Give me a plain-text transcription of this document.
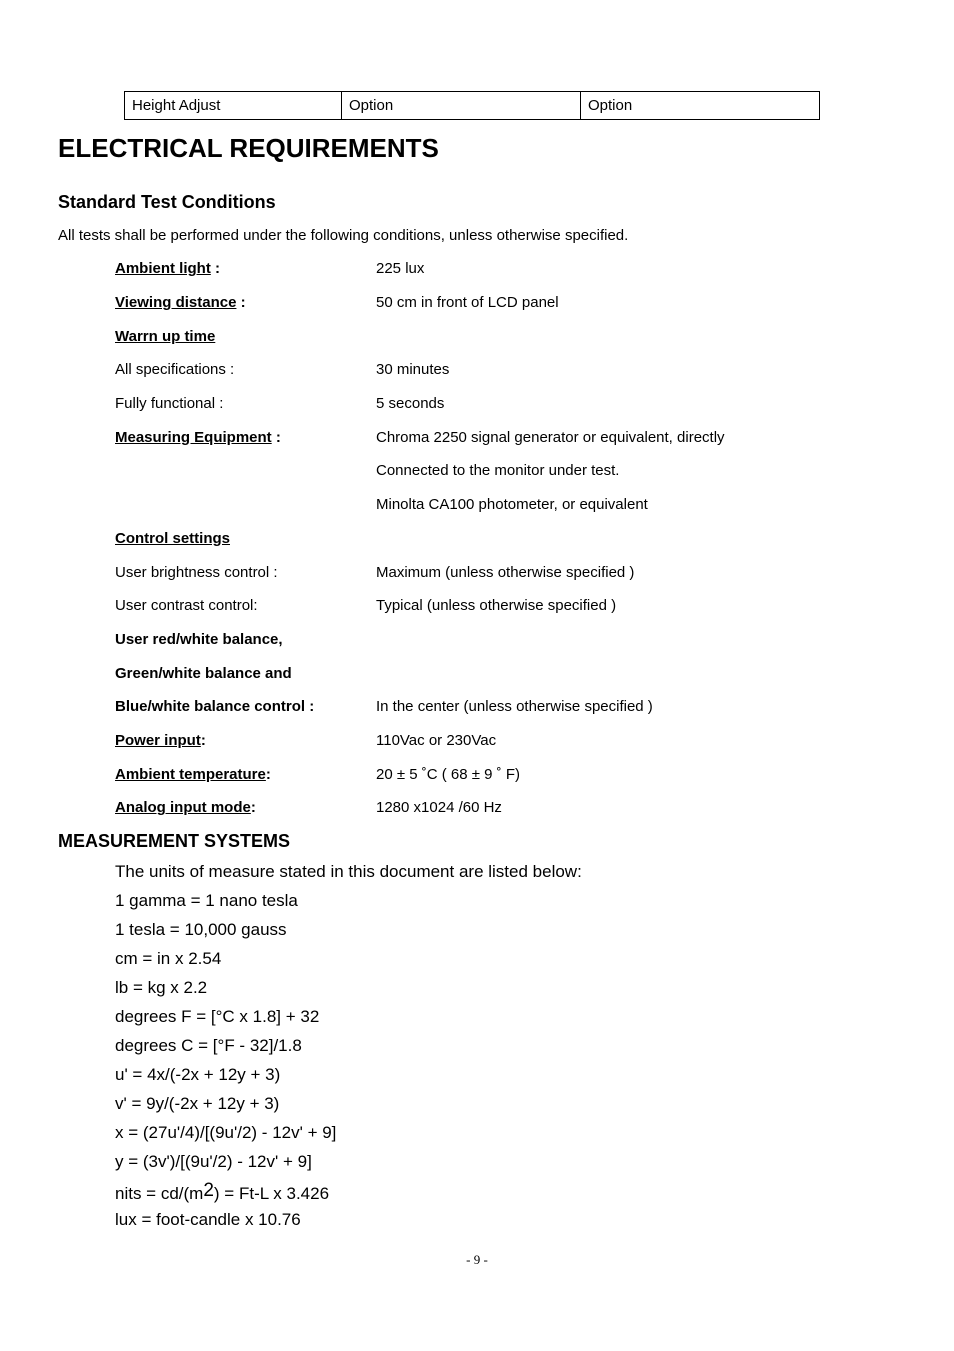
Height Adjust	Option	Option
ELECTRICAL REQUIREMENTS
Standard Test Conditions
All tests shall be performed under the following conditions, unless otherwise specified.
Ambient light :	225 lux
Viewing distance :	50 cm in front of LCD panel
Warrn up time
All specifications :	30 minutes
Fully functional :	5 seconds
Measuring Equipment :	Chroma 2250 signal generator or equivalent, directly
Connected to the monitor under test.
Minolta CA100 photometer, or equivalent
Control settings
User brightness control :	Maximum (unless otherwise specified )
User contrast control:	Typical (unless otherwise specified )
User red/white balance,
Green/white balance and
Blue/white balance control :	In the center (unless otherwise specified )
Power input:	110Vac or 230Vac
Ambient temperature:	20 ± 5 ˚C ( 68 ± 9 ˚ F)
Analog input mode:	1280 x1024 /60 Hz
MEASUREMENT SYSTEMS
The units of measure stated in this document are listed below:
1 gamma = 1 nano tesla
1 tesla = 10,000 gauss
cm = in x 2.54
lb = kg x 2.2
degrees F = [°C x 1.8] + 32
degrees C = [°F - 32]/1.8
u' = 4x/(-2x + 12y + 3)
v' = 9y/(-2x + 12y + 3)
x = (27u'/4)/[(9u'/2) - 12v' + 9]
y = (3v')/[(9u'/2) - 12v' + 9]
nits = cd/(m2) = Ft-L x 3.426
lux = foot-candle x 10.76
- 9 -
